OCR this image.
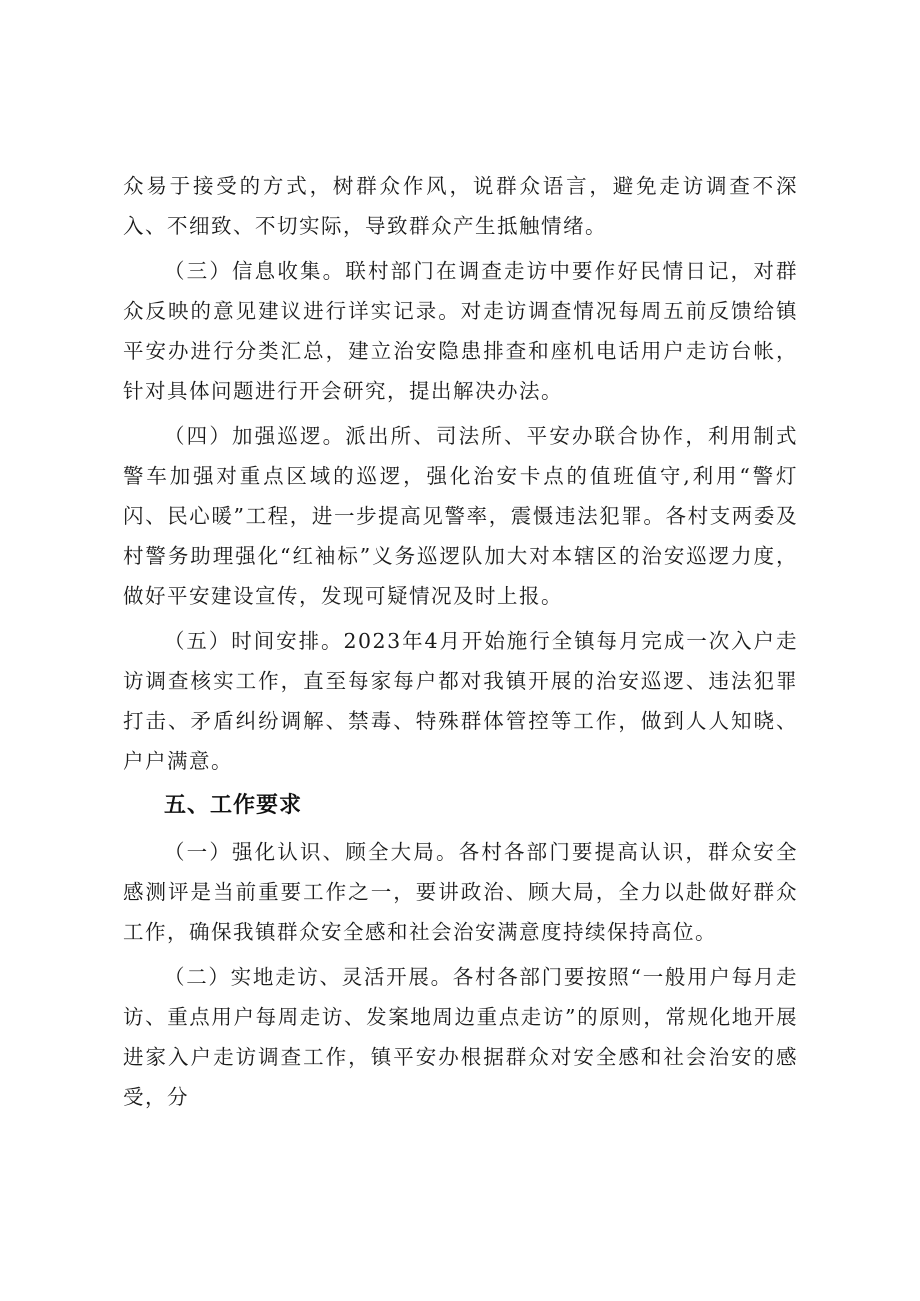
众易于接受的方式，树群众作风，说群众语言，避免走访调查不深入、不细致、不切实际，导致群众产生抵触情绪。

（三）信息收集。联村部门在调查走访中要作好民情日记，对群众反映的意见建议进行详实记录。对走访调查情况每周五前反馈给镇平安办进行分类汇总，建立治安隐患排查和座机电话用户走访台帐，针对具体问题进行开会研究，提出解决办法。

（四）加强巡逻。派出所、司法所、平安办联合协作，利用制式警车加强对重点区域的巡逻，强化治安卡点的值班值守,利用“警灯闪、民心暖”工程，进一步提高见警率，震慑违法犯罪。各村支两委及村警务助理强化“红袖标”义务巡逻队加大对本辖区的治安巡逻力度，做好平安建设宣传，发现可疑情况及时上报。

（五）时间安排。2023年4月开始施行全镇每月完成一次入户走访调查核实工作，直至每家每户都对我镇开展的治安巡逻、违法犯罪打击、矛盾纠纷调解、禁毒、特殊群体管控等工作，做到人人知晓、户户满意。

五、工作要求

（一）强化认识、顾全大局。各村各部门要提高认识，群众安全感测评是当前重要工作之一，要讲政治、顾大局，全力以赴做好群众工作，确保我镇群众安全感和社会治安满意度持续保持高位。

（二）实地走访、灵活开展。各村各部门要按照“一般用户每月走访、重点用户每周走访、发案地周边重点走访”的原则，常规化地开展进家入户走访调查工作，镇平安办根据群众对安全感和社会治安的感受，分
